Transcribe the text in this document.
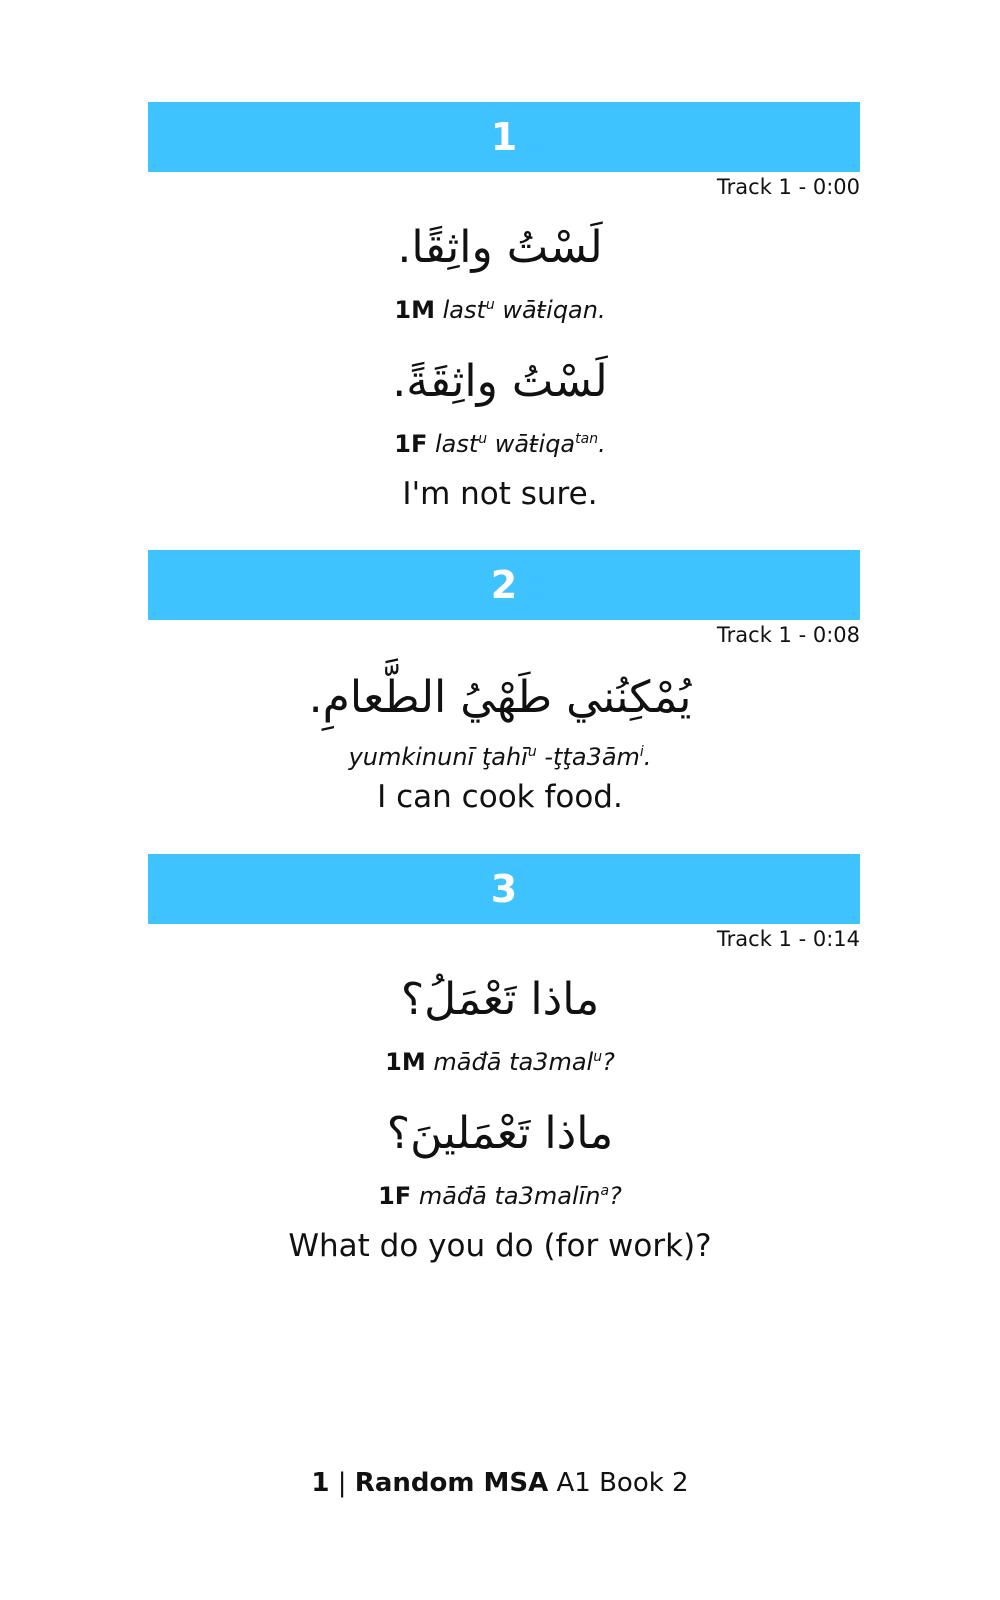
1
Track 1 - 0:00
لَسْتُ واثِقًا.
1M last$^u$ wāŧiqan.
لَسْتُ واثِقَةً.
1F last$^u$ wāŧiqa$^{tan}$.
I'm not sure.
2
Track 1 - 0:08
يُمْكِنُني طَهْيُ الطَّعامِ.
yumkinunī ţahī$^u$ $-ţţa3ām^i$.
I can cook food.
3
Track 1 - 0:14
ماذا تَعْمَلُ؟
1M māđā ta3mal$^u$?
ماذا تَعْمَلينَ؟
1F māđā ta3malīn$^a$?
What do you do (for work)?
1 | Random MSA A1 Book 2
